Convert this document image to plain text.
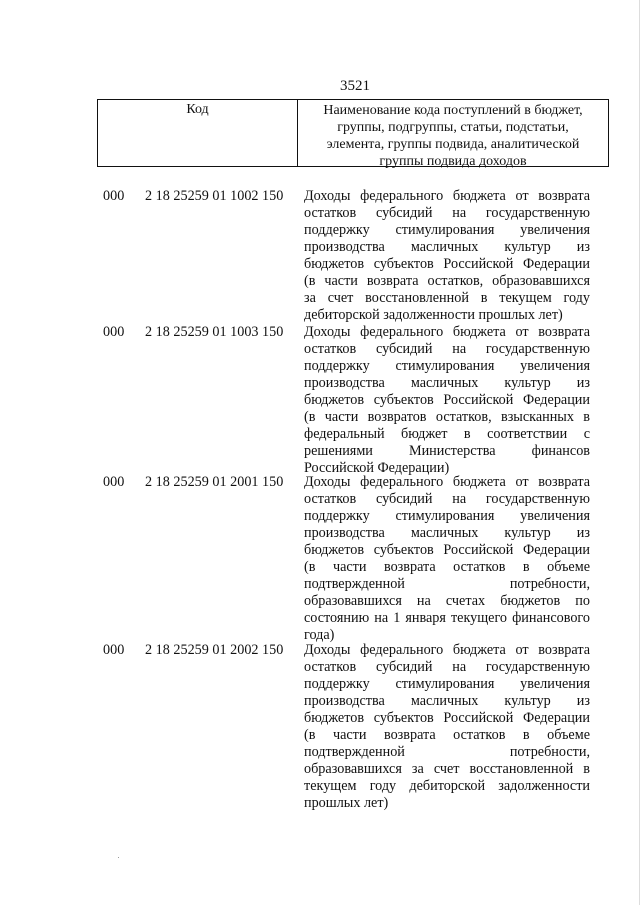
3521
Код	Наименование кода поступлений в бюджет,
группы, подгруппы, статьи, подстатьи,
элемента, группы подвида, аналитической
группы подвида доходов
000 2 18 25259 01 1002 150 Доходы федерального бюджета от возврата
остатков субсидий на государственную
поддержку стимулирования увеличения
производства масличных культур из
бюджетов субъектов Российской Федерации
(в части возврата остатков, образовавшихся
за счет восстановленной в текущем году
дебиторской задолженности прошлых лет)
000 2 18 25259 01 1003 150 Доходы федерального бюджета от возврата
остатков субсидий на государственную
поддержку стимулирования увеличения
производства масличных культур из
бюджетов субъектов Российской Федерации
(в части возвратов остатков, взысканных в
федеральный бюджет в соответствии с
решениями Министерства финансов
Российской Федерации)
000 2 18 25259 01 2001 150 Доходы федерального бюджета от возврата
остатков субсидий на государственную
поддержку стимулирования увеличения
производства масличных культур из
бюджетов субъектов Российской Федерации
(в части возврата остатков в объеме
подтвержденной потребности,
образовавшихся на счетах бюджетов по
состоянию на 1 января текущего финансового
года)
000 2 18 25259 01 2002 150 Доходы федерального бюджета от возврата
остатков субсидий на государственную
поддержку стимулирования увеличения
производства масличных культур из
бюджетов субъектов Российской Федерации
(в части возврата остатков в объеме
подтвержденной потребности,
образовавшихся за счет восстановленной в
текущем году дебиторской задолженности
прошлых лет)
